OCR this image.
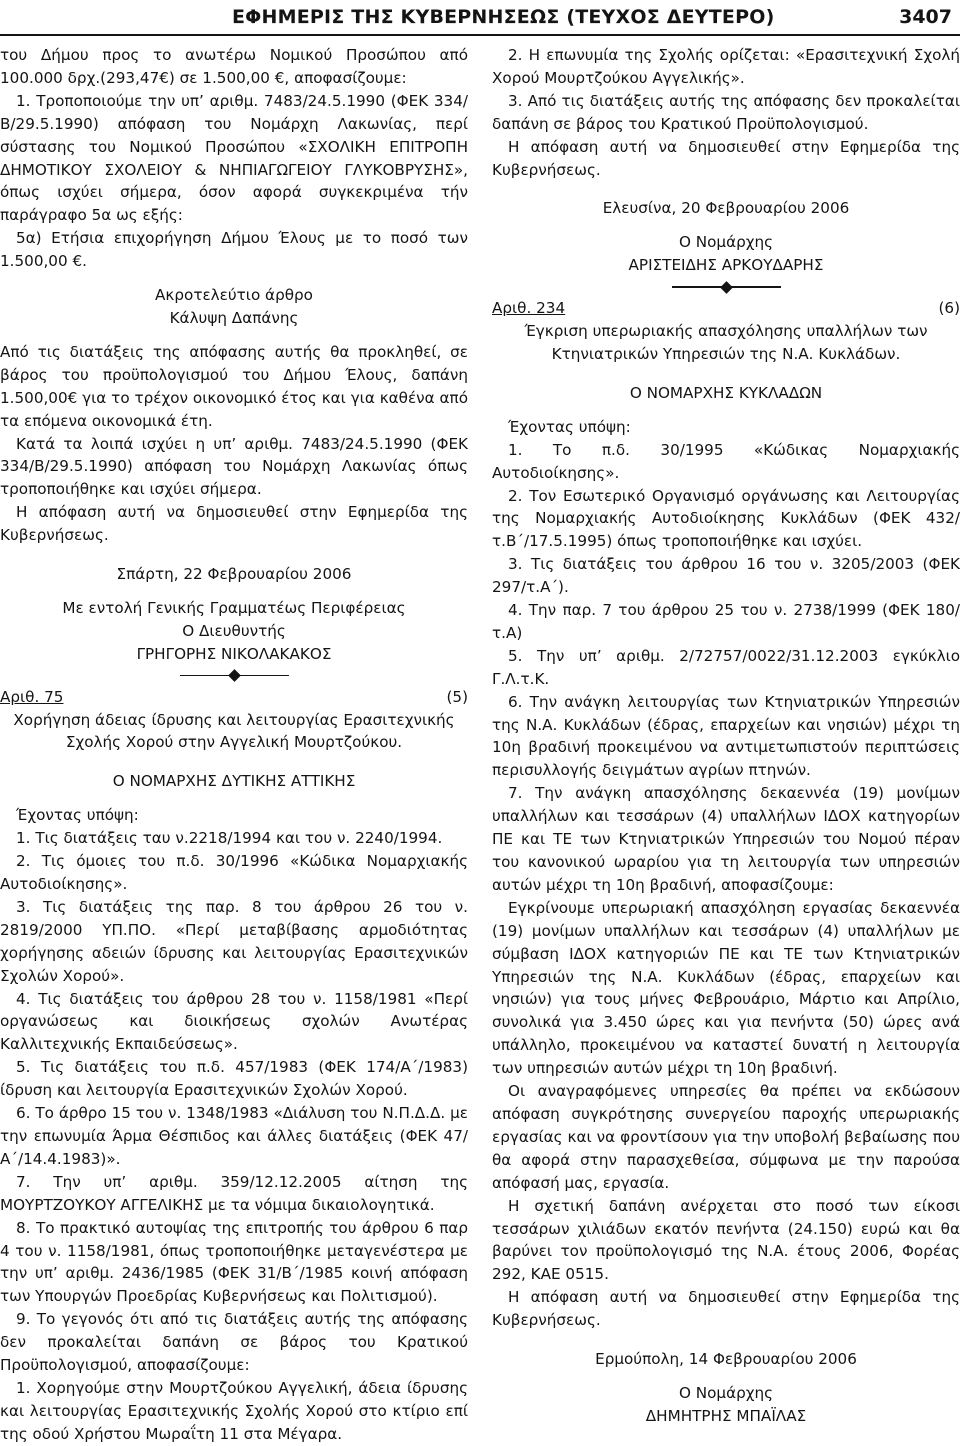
ΕΦΗΜΕΡΙΣ ΤΗΣ ΚΥΒΕΡΝΗΣΕΩΣ (ΤΕΥΧΟΣ ΔΕΥΤΕΡΟ)	3407

του Δήμου προς το ανωτέρω Νομικού Προσώπου από 100.000 δρχ.(293,47€) σε 1.500,00 €, αποφασίζουμε:

1. Τροποποιούμε την υπ’ αριθμ. 7483/24.5.1990 (ΦΕΚ 334/Β/29.5.1990) απόφαση του Νομάρχη Λακωνίας, περί σύστασης του Νομικού Προσώπου «ΣΧΟΛΙΚΗ ΕΠΙΤΡΟΠΗ ΔΗΜΟΤΙΚΟΥ ΣΧΟΛΕΙΟΥ & ΝΗΠΙΑΓΩΓΕΙΟΥ ΓΛΥΚΟΒΡΥΣΗΣ», όπως ισχύει σήμερα, όσον αφορά συγκεκριμένα τήν παράγραφο 5α ως εξής:

5α) Ετήσια επιχορήγηση Δήμου Έλους με το ποσό των 1.500,00 €.

Ακροτελεύτιο άρθρο

Κάλυψη Δαπάνης

Από τις διατάξεις της απόφασης αυτής θα προκληθεί, σε βάρος του προϋπολογισμού του Δήμου Έλους, δαπάνη 1.500,00€ για το τρέχον οικονομικό έτος και για καθένα από τα επόμενα οικονομικά έτη.

Κατά τα λοιπά ισχύει η υπ’ αριθμ. 7483/24.5.1990 (ΦΕΚ 334/Β/29.5.1990) απόφαση του Νομάρχη Λακωνίας όπως τροποποιήθηκε και ισχύει σήμερα.

Η απόφαση αυτή να δημοσιευθεί στην Εφημερίδα της Κυβερνήσεως.

Σπάρτη, 22 Φεβρουαρίου 2006

Με εντολή Γενικής Γραμματέως Περιφέρειας

Ο Διευθυντής

ΓΡΗΓΟΡΗΣ ΝΙΚΟΛΑΚΑΚΟΣ

Αριθ. 75	(5)

Χορήγηση άδειας ίδρυσης και λειτουργίας Ερασιτεχνικής Σχολής Χορού στην Αγγελική Μουρτζούκου.

Ο ΝΟΜΑΡΧΗΣ ΔΥΤΙΚΗΣ ΑΤΤΙΚΗΣ

Έχοντας υπόψη:

1. Τις διατάξεις ταυ ν.2218/1994 και του ν. 2240/1994.

2. Τις όμοιες του π.δ. 30/1996 «Κώδικα Νομαρχιακής Αυτοδιοίκησης».

3. Τις διατάξεις της παρ. 8 του άρθρου 26 του ν. 2819/2000 ΥΠ.ΠΟ. «Περί μεταβίβασης αρμοδιότητας χορήγησης αδειών ίδρυσης και λειτουργίας Ερασιτεχνικών Σχολών Χορού».

4. Τις διατάξεις του άρθρου 28 του ν. 1158/1981 «Περί οργανώσεως και διοικήσεως σχολών Ανωτέρας Καλλιτεχνικής Εκπαιδεύσεως».

5. Τις διατάξεις του π.δ. 457/1983 (ΦΕΚ 174/Α΄/1983) ίδρυση και λειτουργία Ερασιτεχνικών Σχολών Χορού.

6. Το άρθρο 15 του ν. 1348/1983 «Διάλυση του Ν.Π.Δ.Δ. με την επωνυμία Άρμα Θέσπιδος και άλλες διατάξεις (ΦΕΚ 47/Α΄/14.4.1983)».

7. Την υπ’ αριθμ. 359/12.12.2005 αίτηση της ΜΟΥΡΤΖΟΥΚΟΥ ΑΓΓΕΛΙΚΗΣ με τα νόμιμα δικαιολογητικά.

8. Το πρακτικό αυτοψίας της επιτροπής του άρθρου 6 παρ 4 του ν. 1158/1981, όπως τροποποιήθηκε μεταγενέστερα με την υπ’ αριθμ. 2436/1985 (ΦΕΚ 31/Β΄/1985 κοινή απόφαση των Υπουργών Προεδρίας Κυβερνήσεως και Πολιτισμού).

9. Το γεγονός ότι από τις διατάξεις αυτής της απόφασης δεν προκαλείται δαπάνη σε βάρος του Κρατικού Προϋπολογισμού, αποφασίζουμε:

1. Χορηγούμε στην Μουρτζούκου Αγγελική, άδεια ίδρυσης και λειτουργίας Ερασιτεχνικής Σχολής Χορού στο κτίριο επί της οδού Χρήστου Μωραΐτη 11 στα Μέγαρα.

2. Η επωνυμία της Σχολής ορίζεται: «Ερασιτεχνική Σχολή Χορού Μουρτζούκου Αγγελικής».

3. Από τις διατάξεις αυτής της απόφασης δεν προκαλείται δαπάνη σε βάρος του Κρατικού Προϋπολογισμού.

Η απόφαση αυτή να δημοσιευθεί στην Εφημερίδα της Κυβερνήσεως.

Ελευσίνα, 20 Φεβρουαρίου 2006

Ο Νομάρχης

ΑΡΙΣΤΕΙΔΗΣ ΑΡΚΟΥΔΑΡΗΣ

Αριθ. 234	(6)

Έγκριση υπερωριακής απασχόλησης υπαλλήλων των Κτηνιατρικών Υπηρεσιών της Ν.Α. Κυκλάδων.

Ο ΝΟΜΑΡΧΗΣ ΚΥΚΛΑΔΩΝ

Έχοντας υπόψη:

1. Το π.δ. 30/1995 «Κώδικας Νομαρχιακής Αυτοδιοίκησης».

2. Τον Εσωτερικό Οργανισμό οργάνωσης και Λειτουργίας της Νομαρχιακής Αυτοδιοίκησης Κυκλάδων (ΦΕΚ 432/τ.Β΄/17.5.1995) όπως τροποποιήθηκε και ισχύει.

3. Τις διατάξεις του άρθρου 16 του ν. 3205/2003 (ΦΕΚ 297/τ.Α΄).

4. Την παρ. 7 του άρθρου 25 του ν. 2738/1999 (ΦΕΚ 180/τ.Α)

5. Την υπ’ αριθμ. 2/72757/0022/31.12.2003 εγκύκλιο Γ.Λ.τ.Κ.

6. Την ανάγκη λειτουργίας των Κτηνιατρικών Υπηρεσιών της Ν.Α. Κυκλάδων (έδρας, επαρχείων και νησιών) μέχρι τη 10η βραδινή προκειμένου να αντιμετωπιστούν περιπτώσεις περισυλλογής δειγμάτων αγρίων πτηνών.

7. Την ανάγκη απασχόλησης δεκαεννέα (19) μονίμων υπαλλήλων και τεσσάρων (4) υπαλλήλων ΙΔΟΧ κατηγορίων ΠΕ και ΤΕ των Κτηνιατρικών Υπηρεσιών του Νομού πέραν του κανονικού ωραρίου για τη λειτουργία των υπηρεσιών αυτών μέχρι τη 10η βραδινή, αποφασίζουμε:

Εγκρίνουμε υπερωριακή απασχόληση εργασίας δεκαεννέα (19) μονίμων υπαλλήλων και τεσσάρων (4) υπαλλήλων με σύμβαση ΙΔΟΧ κατηγοριών ΠΕ και ΤΕ των Κτηνιατρικών Υπηρεσιών της Ν.Α. Κυκλάδων (έδρας, επαρχείων και νησιών) για τους μήνες Φεβρουάριο, Μάρτιο και Απρίλιο, συνολικά για 3.450 ώρες και για πενήντα (50) ώρες ανά υπάλληλο, προκειμένου να καταστεί δυνατή η λειτουργία των υπηρεσιών αυτών μέχρι τη 10η βραδινή.

Οι αναγραφόμενες υπηρεσίες θα πρέπει να εκδώσουν απόφαση συγκρότησης συνεργείου παροχής υπερωριακής εργασίας και να φροντίσουν για την υποβολή βεβαίωσης που θα αφορά στην παρασχεθείσα, σύμφωνα με την παρούσα απόφασή μας, εργασία.

Η σχετική δαπάνη ανέρχεται στο ποσό των είκοσι τεσσάρων χιλιάδων εκατόν πενήντα (24.150) ευρώ και θα βαρύνει τον προϋπολογισμό της Ν.Α. έτους 2006, Φορέας 292, ΚΑΕ 0515.

Η απόφαση αυτή να δημοσιευθεί στην Εφημερίδα της Κυβερνήσεως.

Ερμούπολη, 14 Φεβρουαρίου 2006

Ο Νομάρχης

ΔΗΜΗΤΡΗΣ ΜΠΑΪΛΑΣ
